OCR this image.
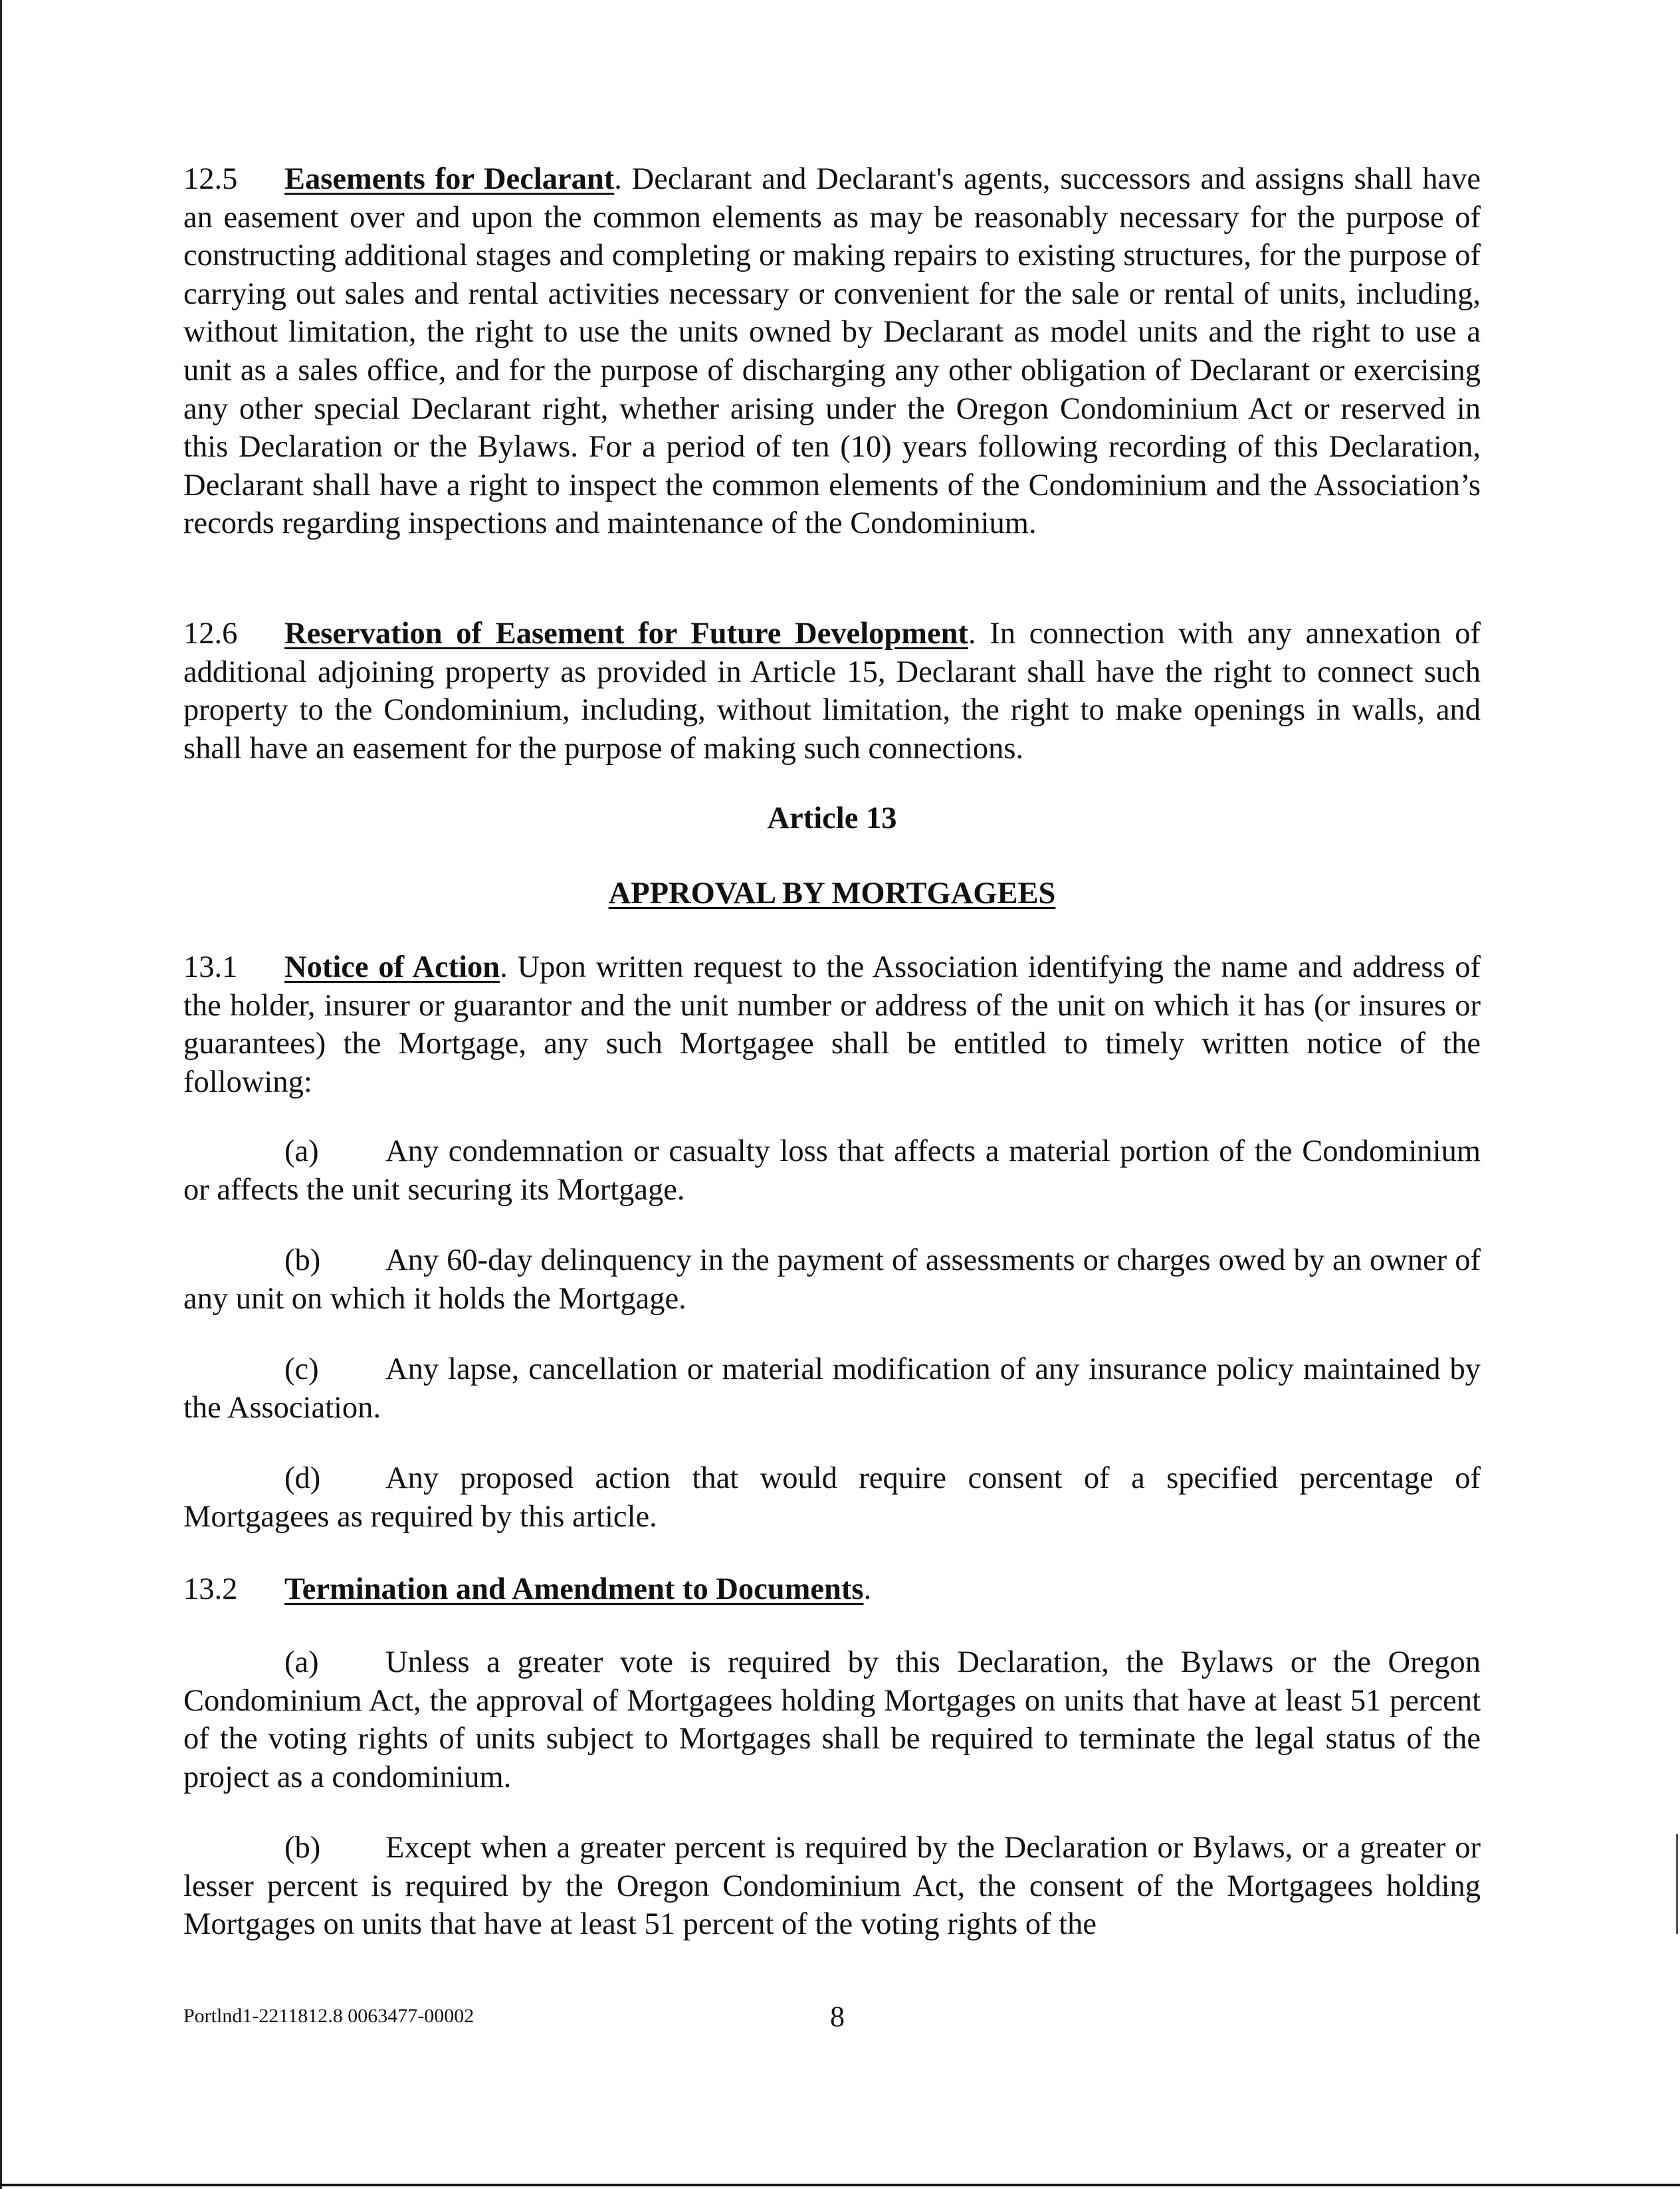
12.5 Easements for Declarant. Declarant and Declarant's agents, successors and assigns shall have an easement over and upon the common elements as may be reasonably necessary for the purpose of constructing additional stages and completing or making repairs to existing structures, for the purpose of carrying out sales and rental activities necessary or convenient for the sale or rental of units, including, without limitation, the right to use the units owned by Declarant as model units and the right to use a unit as a sales office, and for the purpose of discharging any other obligation of Declarant or exercising any other special Declarant right, whether arising under the Oregon Condominium Act or reserved in this Declaration or the Bylaws. For a period of ten (10) years following recording of this Declaration, Declarant shall have a right to inspect the common elements of the Condominium and the Association’s records regarding inspections and maintenance of the Condominium.

12.6 Reservation of Easement for Future Development. In connection with any annexation of additional adjoining property as provided in Article 15, Declarant shall have the right to connect such property to the Condominium, including, without limitation, the right to make openings in walls, and shall have an easement for the purpose of making such connections.

Article 13

APPROVAL BY MORTGAGEES

13.1 Notice of Action. Upon written request to the Association identifying the name and address of the holder, insurer or guarantor and the unit number or address of the unit on which it has (or insures or guarantees) the Mortgage, any such Mortgagee shall be entitled to timely written notice of the following:

(a) Any condemnation or casualty loss that affects a material portion of the Condominium or affects the unit securing its Mortgage.

(b) Any 60-day delinquency in the payment of assessments or charges owed by an owner of any unit on which it holds the Mortgage.

(c) Any lapse, cancellation or material modification of any insurance policy maintained by the Association.

(d) Any proposed action that would require consent of a specified percentage of Mortgagees as required by this article.

13.2 Termination and Amendment to Documents.

(a) Unless a greater vote is required by this Declaration, the Bylaws or the Oregon Condominium Act, the approval of Mortgagees holding Mortgages on units that have at least 51 percent of the voting rights of units subject to Mortgages shall be required to terminate the legal status of the project as a condominium.

(b) Except when a greater percent is required by the Declaration or Bylaws, or a greater or lesser percent is required by the Oregon Condominium Act, the consent of the Mortgagees holding Mortgages on units that have at least 51 percent of the voting rights of the

Portlnd1-2211812.8 0063477-00002	8
